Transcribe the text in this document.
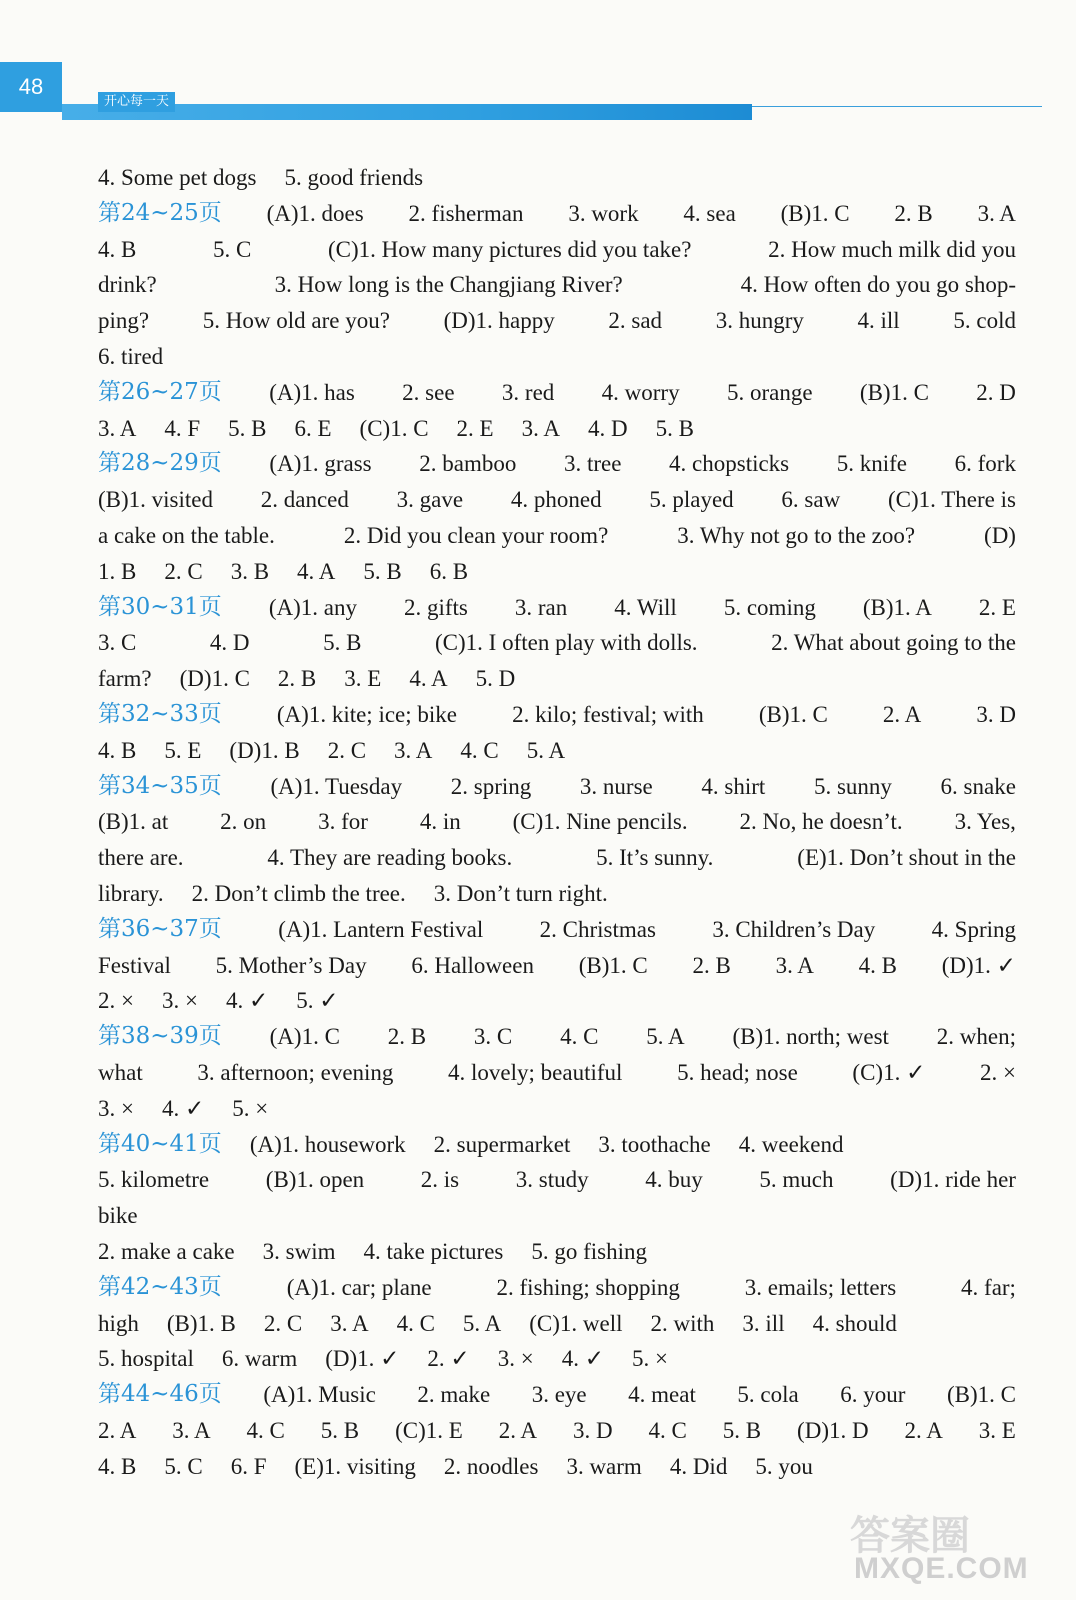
48
开心每一天
4. Some pet dogs 5. good friends
第24~25页 (A)1. does 2. fisherman 3. work 4. sea (B)1. C 2. B 3. A
4. B	5. C	(C)1. How many pictures did you take?	2. How much milk did you
drink?	3. How long is the Changjiang River?	4. How often do you go shop-
ping? 5. How old are you? (D)1. happy 2. sad 3. hungry 4. ill 5. cold
6. tired
第26~27页 (A)1. has 2. see 3. red 4. worry 5. orange (B)1. C 2. D
3. A 4. F 5. B 6. E (C)1. C 2. E 3. A 4. D 5. B
第28~29页 (A)1. grass 2. bamboo 3. tree 4. chopsticks 5. knife 6. fork
(B)1. visited 2. danced 3. gave 4. phoned 5. played 6. saw (C)1. There is
a cake on the table.	2. Did you clean your room?	3. Why not go to the zoo?	(D)
1. B 2. C 3. B 4. A 5. B 6. B
第30~31页 (A)1. any 2. gifts 3. ran 4. Will 5. coming (B)1. A 2. E
3. C	4. D	5. B	(C)1. I often play with dolls.	2. What about going to the
farm? (D)1. C 2. B 3. E 4. A 5. D
第32~33页 (A)1. kite; ice; bike 2. kilo; festival; with (B)1. C 2. A 3. D
4. B 5. E (D)1. B 2. C 3. A 4. C 5. A
第34~35页 (A)1. Tuesday 2. spring 3. nurse 4. shirt 5. sunny 6. snake
(B)1. at 2. on 3. for 4. in (C)1. Nine pencils. 2. No, he doesn’t. 3. Yes,
there are.	4. They are reading books.	5. It’s sunny.	(E)1. Don’t shout in the
library. 2. Don’t climb the tree. 3. Don’t turn right.
第36~37页 (A)1. Lantern Festival 2. Christmas 3. Children’s Day 4. Spring
Festival 5. Mother’s Day 6. Halloween (B)1. C 2. B 3. A 4. B (D)1. ✓
2. × 3. × 4. ✓ 5. ✓
第38~39页 (A)1. C 2. B 3. C 4. C 5. A (B)1. north; west 2. when;
what 3. afternoon; evening 4. lovely; beautiful 5. head; nose (C)1. ✓ 2. ×
3. × 4. ✓ 5. ×
第40~41页 (A)1. housework 2. supermarket 3. toothache 4. weekend
5. kilometre (B)1. open 2. is 3. study 4. buy 5. much (D)1. ride her
bike
2. make a cake 3. swim 4. take pictures 5. go fishing
第42~43页	(A)1. car; plane	2. fishing; shopping	3. emails; letters	4. far;
high (B)1. B 2. C 3. A 4. C 5. A (C)1. well 2. with 3. ill 4. should
5. hospital 6. warm (D)1. ✓ 2. ✓ 3. × 4. ✓ 5. ×
第44~46页 (A)1. Music 2. make 3. eye 4. meat 5. cola 6. your (B)1. C
2. A 3. A 4. C 5. B (C)1. E 2. A 3. D 4. C 5. B (D)1. D 2. A 3. E
4. B 5. C 6. F (E)1. visiting 2. noodles 3. warm 4. Did 5. you
答案圈
MXQE.COM
